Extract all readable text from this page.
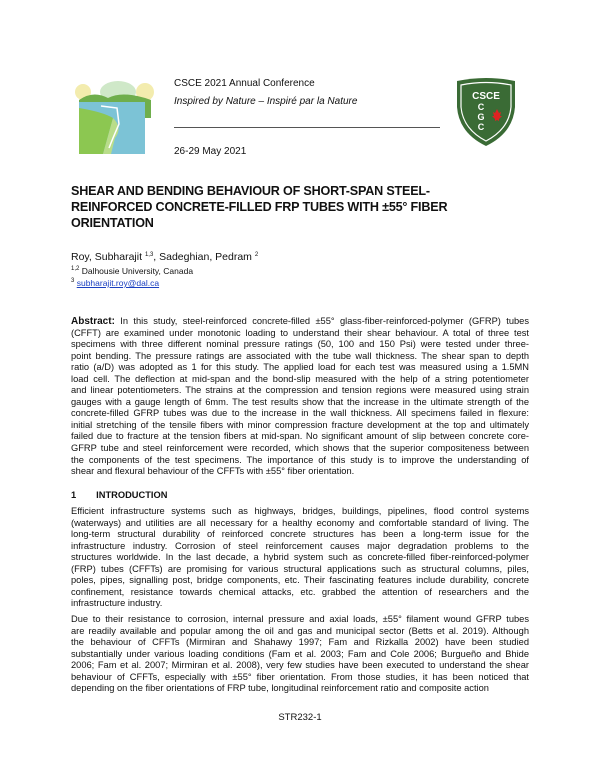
CSCE 2021 Annual Conference
Inspired by Nature – Inspiré par la Nature
26-29 May 2021
CSCE
C
G
C
SHEAR AND BENDING BEHAVIOUR OF SHORT-SPAN STEEL-
REINFORCED CONCRETE-FILLED FRP TUBES WITH ±55° FIBER
ORIENTATION
Roy, Subharajit $^{1,3}$, Sadeghian, Pedram $^2$
$^{1,2}$ Dalhousie University, Canada
$^3$ subharajit.roy@dal.ca
Abstract: In this study, steel-reinforced concrete-filled ±55° glass-fiber-reinforced-polymer (GFRP) tubes
(CFFT) are examined under monotonic loading to understand their shear behaviour. A total of three test
specimens with three different nominal pressure ratings (50, 100 and 150 Psi) were tested under three-
point bending. The pressure ratings are associated with the tube wall thickness. The shear span to depth
ratio (a/D) was adopted as 1 for this study. The applied load for each test was measured using a 1.5MN
load cell. The deflection at mid-span and the bond-slip measured with the help of a string potentiometer
and linear potentiometers. The strains at the compression and tension regions were measured using strain
gauges with a gauge length of 6mm. The test results show that the increase in the ultimate strength of the
concrete-filled GFRP tubes was due to the increase in the wall thickness. All specimens failed in flexure:
initial stretching of the tensile fibers with minor compression fracture development at the top and ultimately
failed due to fracture at the tension fibers at mid-span. No significant amount of slip between concrete core-
GFRP tube and steel reinforcement were recorded, which shows that the superior compositeness between
the components of the test specimens. The importance of this study is to improve the understanding of
shear and flexural behaviour of the CFFTs with ±55° fiber orientation.
1 INTRODUCTION
Efficient infrastructure systems such as highways, bridges, buildings, pipelines, flood control systems
(waterways) and utilities are all necessary for a healthy economy and comfortable standard of living. The
long-term structural durability of reinforced concrete structures has been a long-term issue for the
infrastructure industry. Corrosion of steel reinforcement causes major degradation problems to the
structures worldwide. In the last decade, a hybrid system such as concrete-filled fiber-reinforced-polymer
(FRP) tubes (CFFTs) are promising for various structural applications such as structural columns, piles,
poles, pipes, signalling post, bridge components, etc. Their fascinating features include durability, concrete
confinement, resistance towards chemical attacks, etc. grabbed the attention of researchers and the
infrastructure industry.
Due to their resistance to corrosion, internal pressure and axial loads, ±55° filament wound GFRP tubes
are readily available and popular among the oil and gas and municipal sector (Betts et al. 2019). Although
the behaviour of CFFTs (Mirmiran and Shahawy 1997; Fam and Rizkalla 2002) have been studied
substantially under various loading conditions (Fam et al. 2003; Fam and Cole 2006; Burgueño and Bhide
2006; Fam et al. 2007; Mirmiran et al. 2008), very few studies have been executed to understand the shear
behaviour of CFFTs, especially with ±55° fiber orientation. From those studies, it has been noticed that
depending on the fiber orientations of FRP tube, longitudinal reinforcement ratio and composite action
STR232-1
